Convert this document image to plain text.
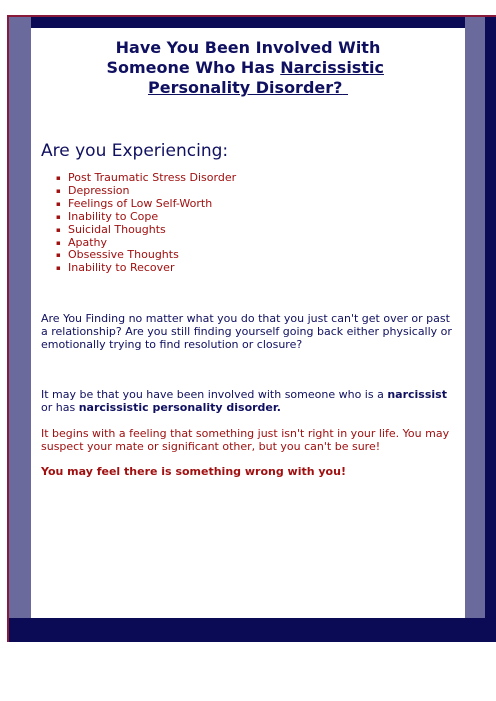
Have You Been Involved With
Someone Who Has Narcissistic
Personality Disorder?
Are you Experiencing:
▪ Post Traumatic Stress Disorder
▪ Depression
▪ Feelings of Low Self-Worth
▪ Inability to Cope
▪ Suicidal Thoughts
▪ Apathy
▪ Obsessive Thoughts
▪ Inability to Recover

Are You Finding no matter what you do that you just can't get over or past a relationship? Are you still finding yourself going back either physically or emotionally trying to find resolution or closure?

It may be that you have been involved with someone who is a narcissist or has narcissistic personality disorder.

It begins with a feeling that something just isn't right in your life. You may suspect your mate or significant other, but you can't be sure!

You may feel there is something wrong with you!
